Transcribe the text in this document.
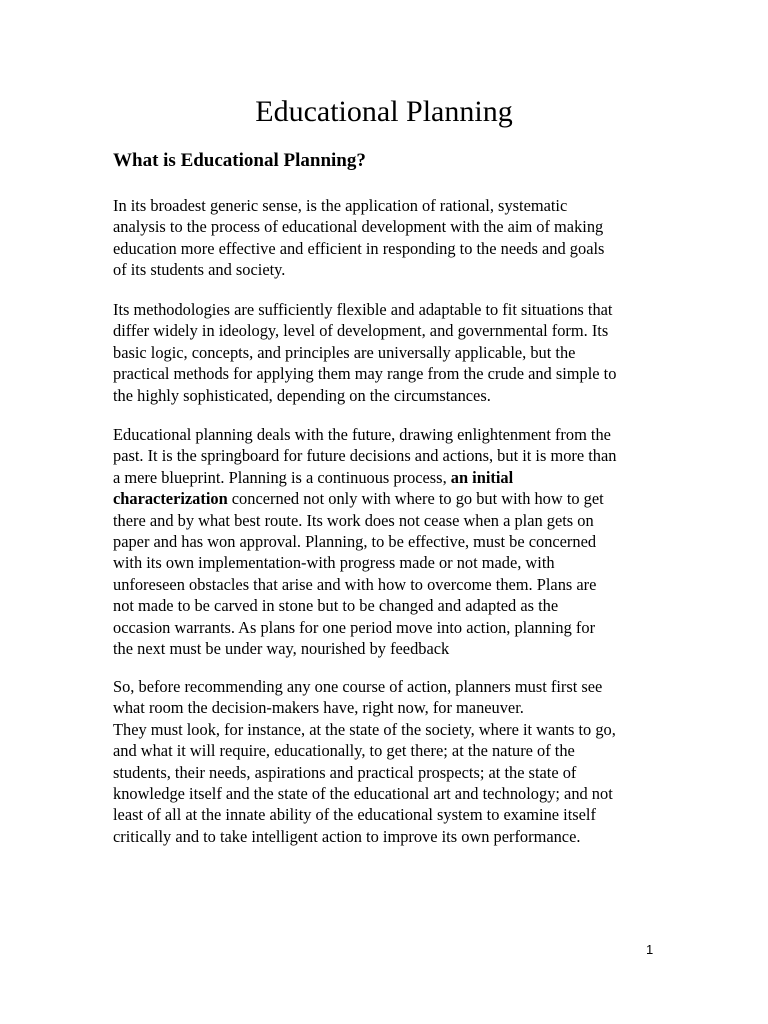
Educational Planning
What is Educational Planning?

In its broadest generic sense, is the application of rational, systematic
analysis to the process of educational development with the aim of making
education more effective and efficient in responding to the needs and goals
of its students and society.

Its methodologies are sufficiently flexible and adaptable to fit situations that
differ widely in ideology, level of development, and governmental form. Its
basic logic, concepts, and principles are universally applicable, but the
practical methods for applying them may range from the crude and simple to
the highly sophisticated, depending on the circumstances.

Educational planning deals with the future, drawing enlightenment from the
past. It is the springboard for future decisions and actions, but it is more than
a mere blueprint. Planning is a continuous process, an initial
characterization concerned not only with where to go but with how to get
there and by what best route. Its work does not cease when a plan gets on
paper and has won approval. Planning, to be effective, must be concerned
with its own implementation-with progress made or not made, with
unforeseen obstacles that arise and with how to overcome them. Plans are
not made to be carved in stone but to be changed and adapted as the
occasion warrants. As plans for one period move into action, planning for
the next must be under way, nourished by feedback

So, before recommending any one course of action, planners must first see
what room the decision-makers have, right now, for maneuver.
They must look, for instance, at the state of the society, where it wants to go,
and what it will require, educationally, to get there; at the nature of the
students, their needs, aspirations and practical prospects; at the state of
knowledge itself and the state of the educational art and technology; and not
least of all at the innate ability of the educational system to examine itself
critically and to take intelligent action to improve its own performance.

1
